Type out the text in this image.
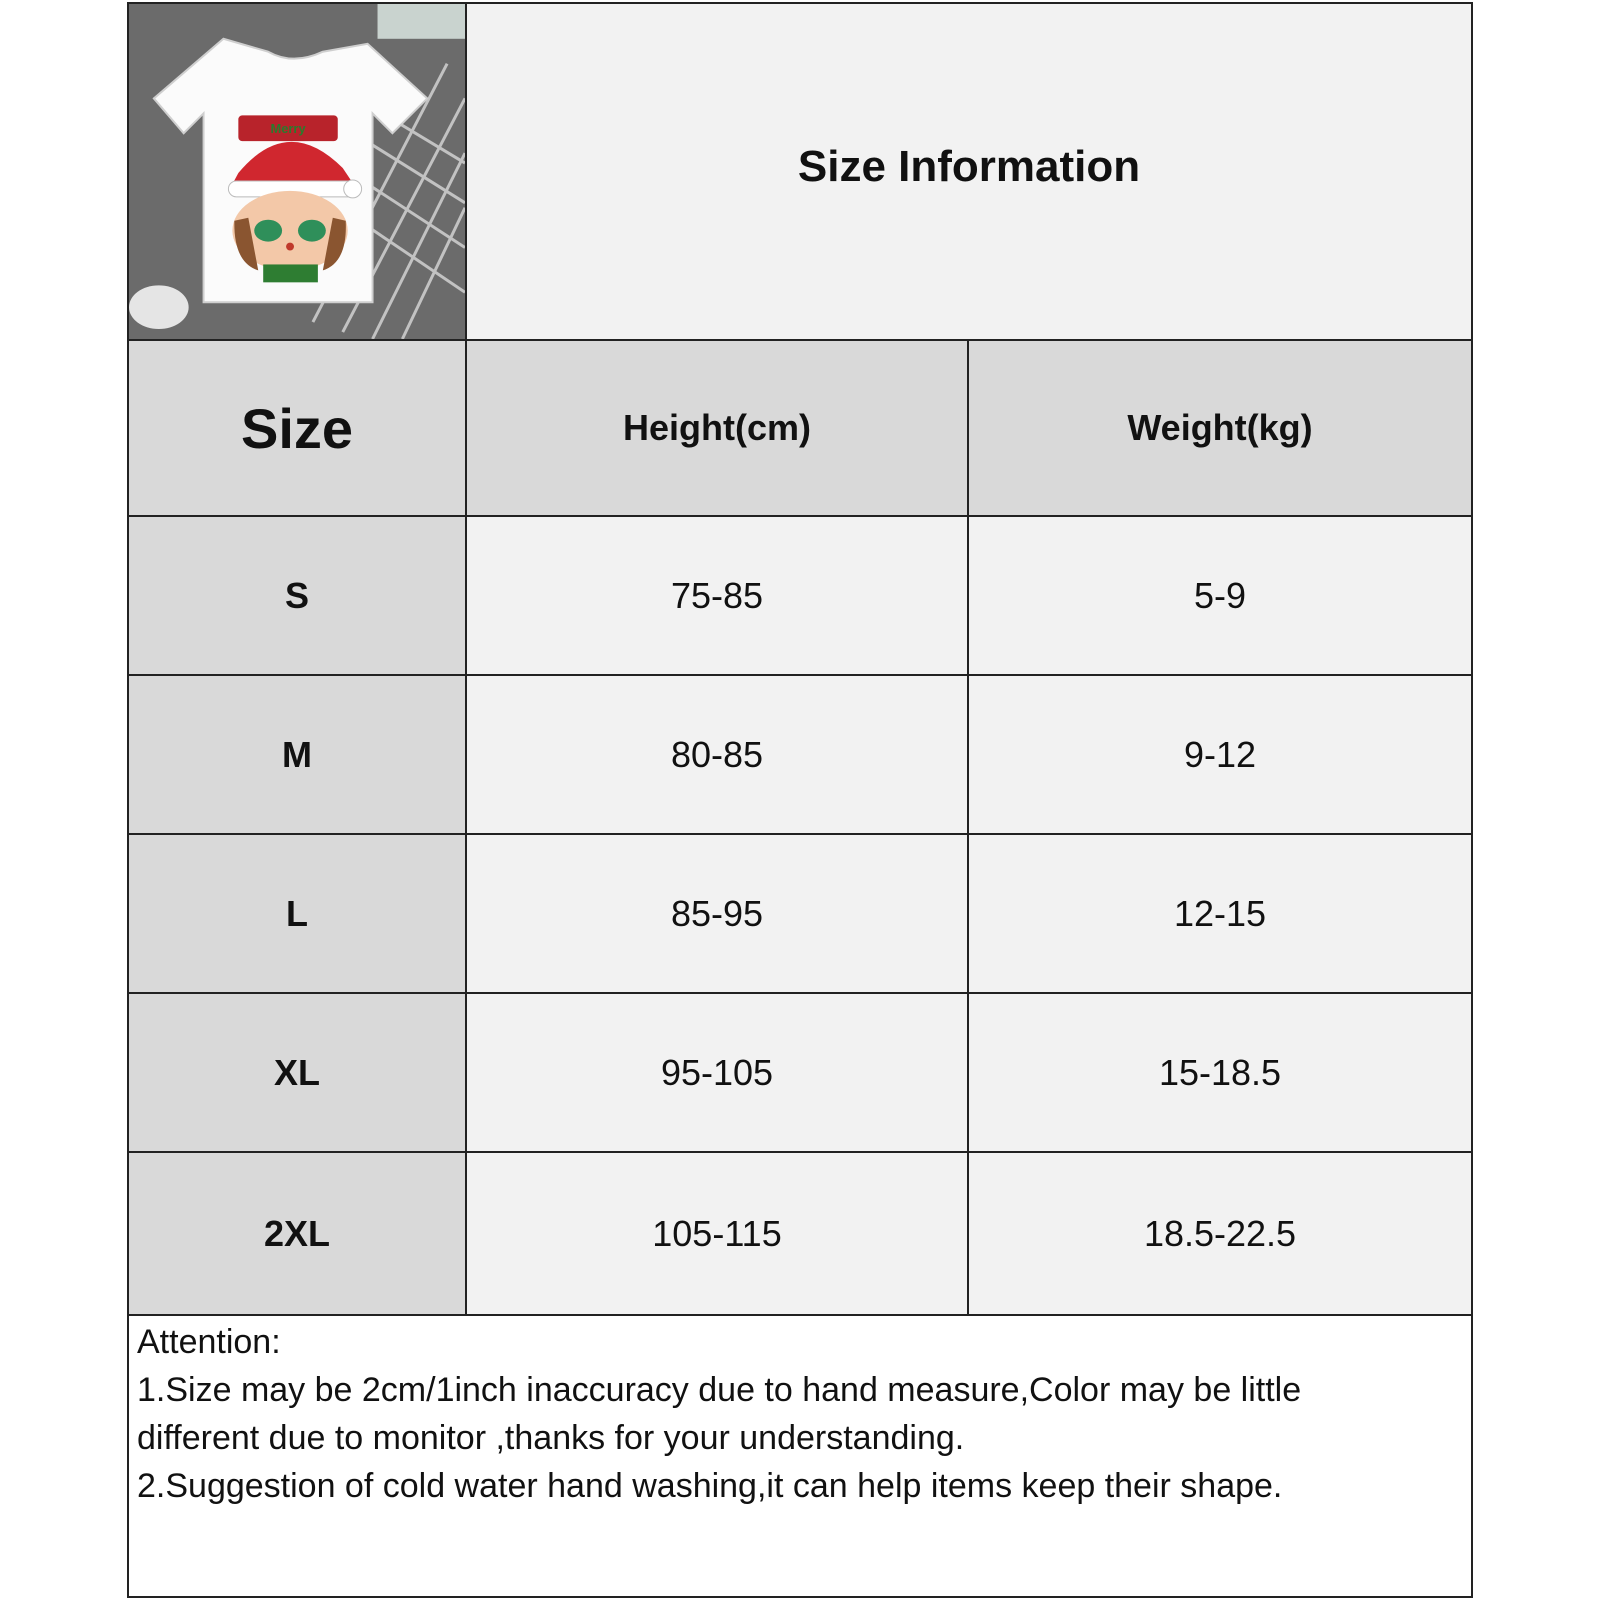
Merry
Size Information
Size	Height(cm)	Weight(kg)
S	75-85	5-9
M	80-85	9-12
L	85-95	12-15
XL	95-105	15-18.5
2XL	105-115	18.5-22.5
Attention:
1.Size may be 2cm/1inch inaccuracy due to hand measure,Color may be little
different due to monitor ,thanks for your understanding.
2.Suggestion of cold water hand washing,it can help items keep their shape.
